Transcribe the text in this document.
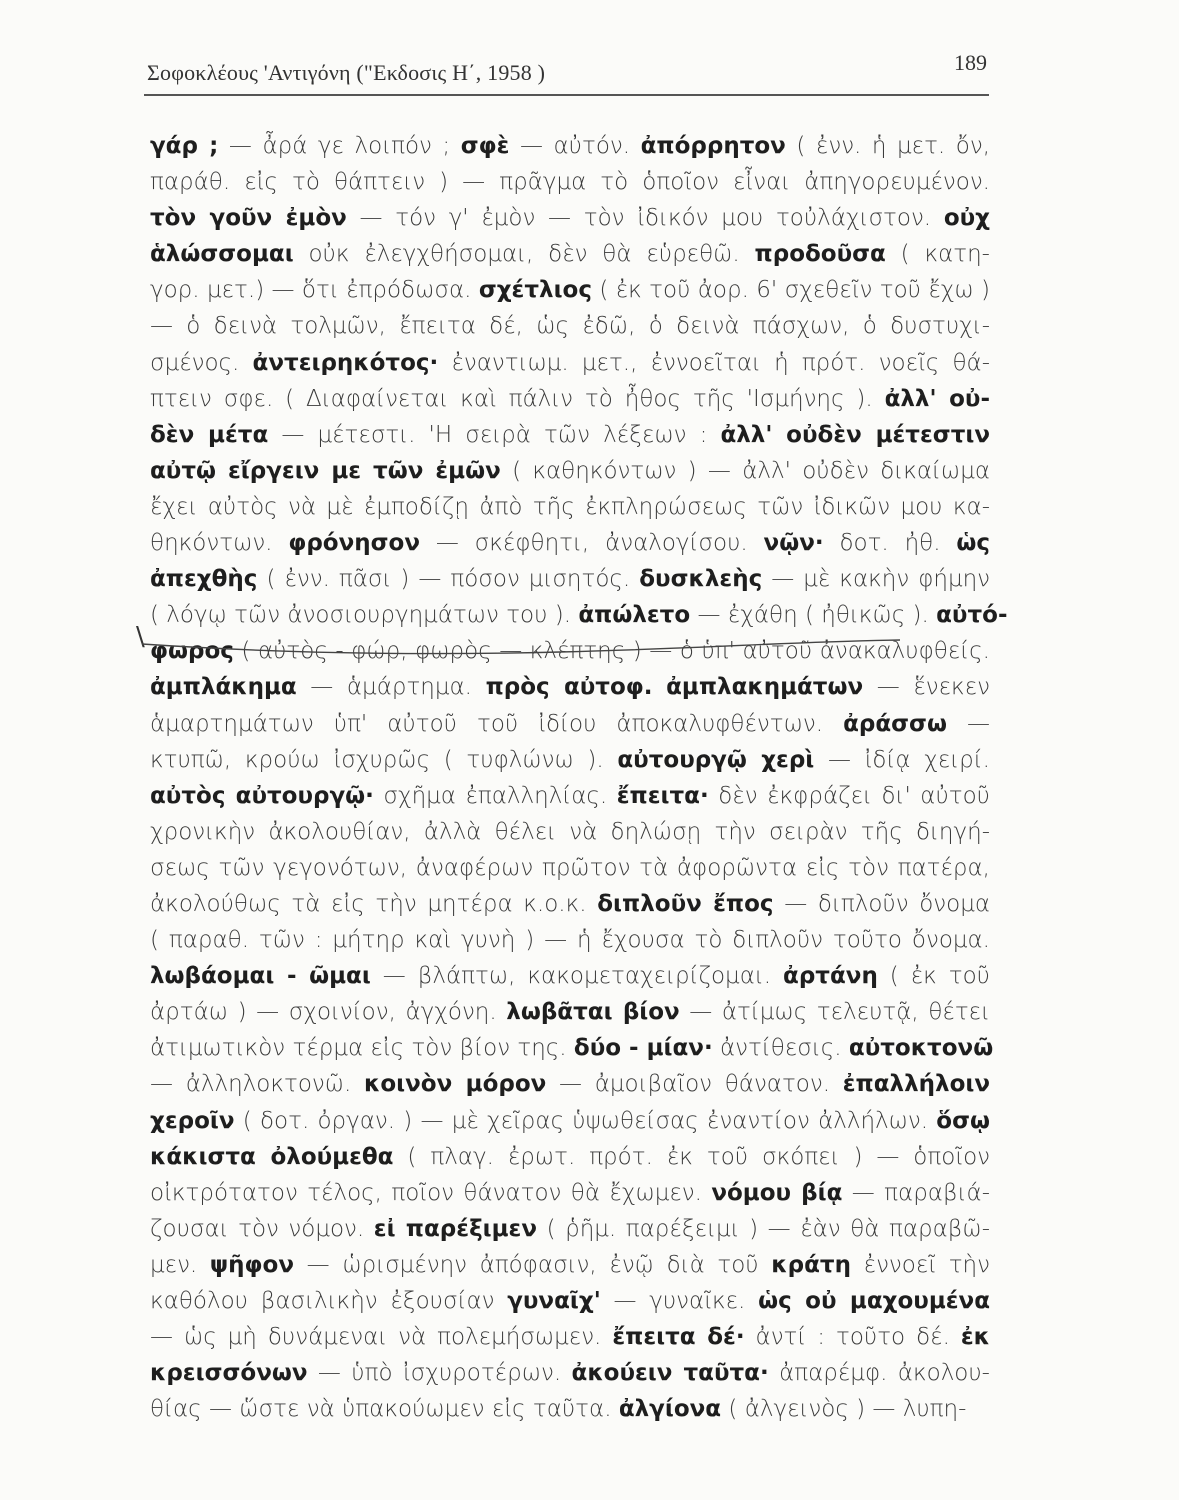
Σοφοκλέους 'Αντιγόνη ("Εκδοσις Η΄, 1958 )	189
γάρ ; — ἆρά γε λοιπόν ; σφὲ — αὐτόν. ἀπόρρητον ( ἐνν. ἡ μετ. ὄν,
παράθ. εἰς τὸ θάπτειν ) — πρᾶγμα τὸ ὁποῖον εἶναι ἀπηγορευμένον.
τὸν γοῦν ἐμὸν — τόν γ' ἐμὸν — τὸν ἰδικόν μου τοὐλάχιστον. οὐχ
ἁλώσσομαι οὐκ ἐλεγχθήσομαι, δὲν θὰ εὑρεθῶ. προδοῦσα ( κατη-
γορ. μετ.) — ὅτι ἐπρόδωσα. σχέτλιος ( ἐκ τοῦ ἀορ. 6' σχεθεῖν τοῦ ἔχω )
— ὁ δεινὰ τολμῶν, ἔπειτα δέ, ὡς ἐδῶ, ὁ δεινὰ πάσχων, ὁ δυστυχι-
σμένος. ἀντειρηκότος· ἐναντιωμ. μετ., ἐννοεῖται ἡ πρότ. νοεῖς θά-
πτειν σφε. ( Διαφαίνεται καὶ πάλιν τὸ ἦθος τῆς 'Ισμήνης ). ἀλλ' οὐ-
δὲν μέτα — μέτεστι. 'Η σειρὰ τῶν λέξεων : ἀλλ' οὐδὲν μέτεστιν
αὐτῷ εἴργειν με τῶν ἐμῶν ( καθηκόντων ) — ἀλλ' οὐδὲν δικαίωμα
ἔχει αὐτὸς νὰ μὲ ἐμποδίζῃ ἀπὸ τῆς ἐκπληρώσεως τῶν ἰδικῶν μου κα-
θηκόντων. φρόνησον — σκέφθητι, ἀναλογίσου. νῷν· δοτ. ἠθ. ὡς
ἀπεχθὴς ( ἐνν. πᾶσι ) — πόσον μισητός. δυσκλεὴς — μὲ κακὴν φήμην
( λόγῳ τῶν ἀνοσιουργημάτων του ). ἀπώλετο — ἐχάθη ( ἠθικῶς ). αὐτό-
φωρος ( αὐτὸς - φώρ, φωρὸς — κλέπτης ) — ὁ ὑπ' αὐτοῦ ἀνακαλυφθείς.
ἀμπλάκημα — ἁμάρτημα. πρὸς αὐτοφ. ἀμπλακημάτων — ἕνεκεν
ἁμαρτημάτων ὑπ' αὐτοῦ τοῦ ἰδίου ἀποκαλυφθέντων. ἀράσσω —
κτυπῶ, κρούω ἰσχυρῶς ( τυφλώνω ). αὐτουργῷ χερὶ — ἰδίᾳ χειρί.
αὐτὸς αὐτουργῷ· σχῆμα ἐπαλληλίας. ἔπειτα· δὲν ἐκφράζει δι' αὐτοῦ
χρονικὴν ἀκολουθίαν, ἀλλὰ θέλει νὰ δηλώσῃ τὴν σειρὰν τῆς διηγή-
σεως τῶν γεγονότων, ἀναφέρων πρῶτον τὰ ἀφορῶντα εἰς τὸν πατέρα,
ἀκολούθως τὰ εἰς τὴν μητέρα κ.ο.κ. διπλοῦν ἔπος — διπλοῦν ὄνομα
( παραθ. τῶν : μήτηρ καὶ γυνὴ ) — ἡ ἔχουσα τὸ διπλοῦν τοῦτο ὄνομα.
λωβάομαι - ῶμαι — βλάπτω, κακομεταχειρίζομαι. ἀρτάνη ( ἐκ τοῦ
ἀρτάω ) — σχοινίον, ἀγχόνη. λωβᾶται βίον — ἀτίμως τελευτᾷ, θέτει
ἀτιμωτικὸν τέρμα εἰς τὸν βίον της. δύο - μίαν· ἀντίθεσις. αὐτοκτονῶ
— ἀλληλοκτονῶ. κοινὸν μόρον — ἀμοιβαῖον θάνατον. ἐπαλλήλοιν
χεροῖν ( δοτ. ὀργαν. ) — μὲ χεῖρας ὑψωθείσας ἐναντίον ἀλλήλων. ὅσῳ
κάκιστα ὀλούμεθα ( πλαγ. ἐρωτ. πρότ. ἐκ τοῦ σκόπει ) — ὁποῖον
οἰκτρότατον τέλος, ποῖον θάνατον θὰ ἔχωμεν. νόμου βίᾳ — παραβιά-
ζουσαι τὸν νόμον. εἰ παρέξιμεν ( ῥῆμ. παρέξειμι ) — ἐὰν θὰ παραβῶ-
μεν. ψῆφον — ὡρισμένην ἀπόφασιν, ἐνῷ διὰ τοῦ κράτη ἐννοεῖ τὴν
καθόλου βασιλικὴν ἐξουσίαν γυναῖχ' — γυναῖκε. ὡς οὐ μαχουμένα
— ὡς μὴ δυνάμεναι νὰ πολεμήσωμεν. ἔπειτα δέ· ἀντί : τοῦτο δέ. ἐκ
κρεισσόνων — ὑπὸ ἰσχυροτέρων. ἀκούειν ταῦτα· ἀπαρέμφ. ἀκολου-
θίας — ὥστε νὰ ὑπακούωμεν εἰς ταῦτα. ἀλγίονα ( ἀλγεινὸς ) — λυπη-
\
